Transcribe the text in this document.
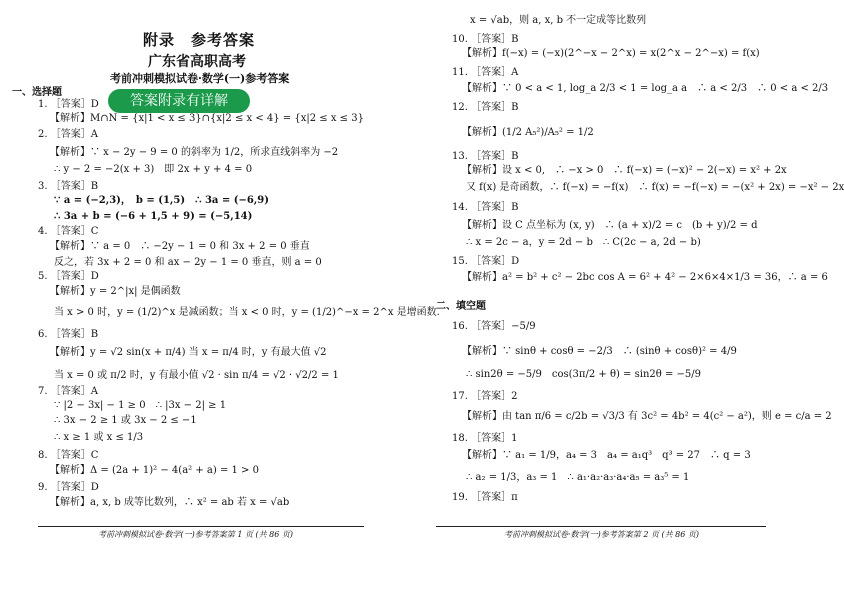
附录　参考答案
广东省高职高考
考前冲刺模拟试卷·数学(一)参考答案
一、选择题
1. ［答案］D	答案附录有详解
【解析】M∩N = {x|1 < x ≤ 3}∩{x|2 ≤ x < 4} = {x|2 ≤ x ≤ 3}
2. ［答案］A
【解析】∵ x − 2y − 9 = 0 的斜率为 1/2，所求直线斜率为 −2
∴ y − 2 = −2(x + 3)　即 2x + y + 4 = 0
3. ［答案］B
∵ a = (−2,3)，　b = (1,5)　∴ 3a = (−6,9)
∴ 3a + b = (−6 + 1,5 + 9) = (−5,14)
4. ［答案］C
【解析】∵ a = 0　∴ −2y − 1 = 0 和 3x + 2 = 0 垂直
反之，若 3x + 2 = 0 和 ax − 2y − 1 = 0 垂直，则 a = 0
5. ［答案］D
【解析】y = 2^|x| 是偶函数
当 x > 0 时，y = (1/2)^x 是减函数；当 x < 0 时，y = (1/2)^−x = 2^x 是增函数.
6. ［答案］B
【解析】y = √2 sin(x + π/4) 当 x = π/4 时，y 有最大值 √2
当 x = 0 或 π/2 时，y 有最小值 √2 · sin π/4 = √2 · √2/2 = 1
7. ［答案］A
∵ |2 − 3x| − 1 ≥ 0　∴ |3x − 2| ≥ 1
∴ 3x − 2 ≥ 1 或 3x − 2 ≤ −1
∴ x ≥ 1 或 x ≤ 1/3
8. ［答案］C
【解析】Δ = (2a + 1)² − 4(a² + a) = 1 > 0
9. ［答案］D
【解析】a, x, b 成等比数列，∴ x² = ab 若 x = √ab
考前冲刺模拟试卷·数学(一)参考答案第 1 页 (共 86 页)
x = √ab，则 a, x, b 不一定成等比数列
10. ［答案］B
【解析】f(−x) = (−x)(2^−x − 2^x) = x(2^x − 2^−x) = f(x)
11. ［答案］A
【解析】∵ 0 < a < 1, log_a 2/3 < 1 = log_a a　∴ a < 2/3　∴ 0 < a < 2/3
12. ［答案］B
【解析】(1/2 A₅²)/A₅² = 1/2
13. ［答案］B
【解析】设 x < 0,　∴ −x > 0　∴ f(−x) = (−x)² − 2(−x) = x² + 2x
又 f(x) 是奇函数，∴ f(−x) = −f(x)　∴ f(x) = −f(−x) = −(x² + 2x) = −x² − 2x
14. ［答案］B
【解析】设 C 点坐标为 (x, y)　∴ (a + x)/2 = c　(b + y)/2 = d
∴ x = 2c − a，y = 2d − b　∴ C(2c − a, 2d − b)
15. ［答案］D
【解析】a² = b² + c² − 2bc cos A = 6² + 4² − 2×6×4×1/3 = 36，∴ a = 6
二、填空题
16. ［答案］−5/9
【解析】∵ sinθ + cosθ = −2/3　∴ (sinθ + cosθ)² = 4/9
∴ sin2θ = −5/9　cos(3π/2 + θ) = sin2θ = −5/9
17. ［答案］2
【解析】由 tan π/6 = c/2b = √3/3 有 3c² = 4b² = 4(c² − a²)，则 e = c/a = 2
18. ［答案］1
【解析】∵ a₁ = 1/9，a₄ = 3　a₄ = a₁q³　q³ = 27　∴ q = 3
∴ a₂ = 1/3，a₃ = 1　∴ a₁·a₂·a₃·a₄·a₅ = a₃⁵ = 1
19. ［答案］π
考前冲刺模拟试卷·数学(一)参考答案第 2 页 (共 86 页)
